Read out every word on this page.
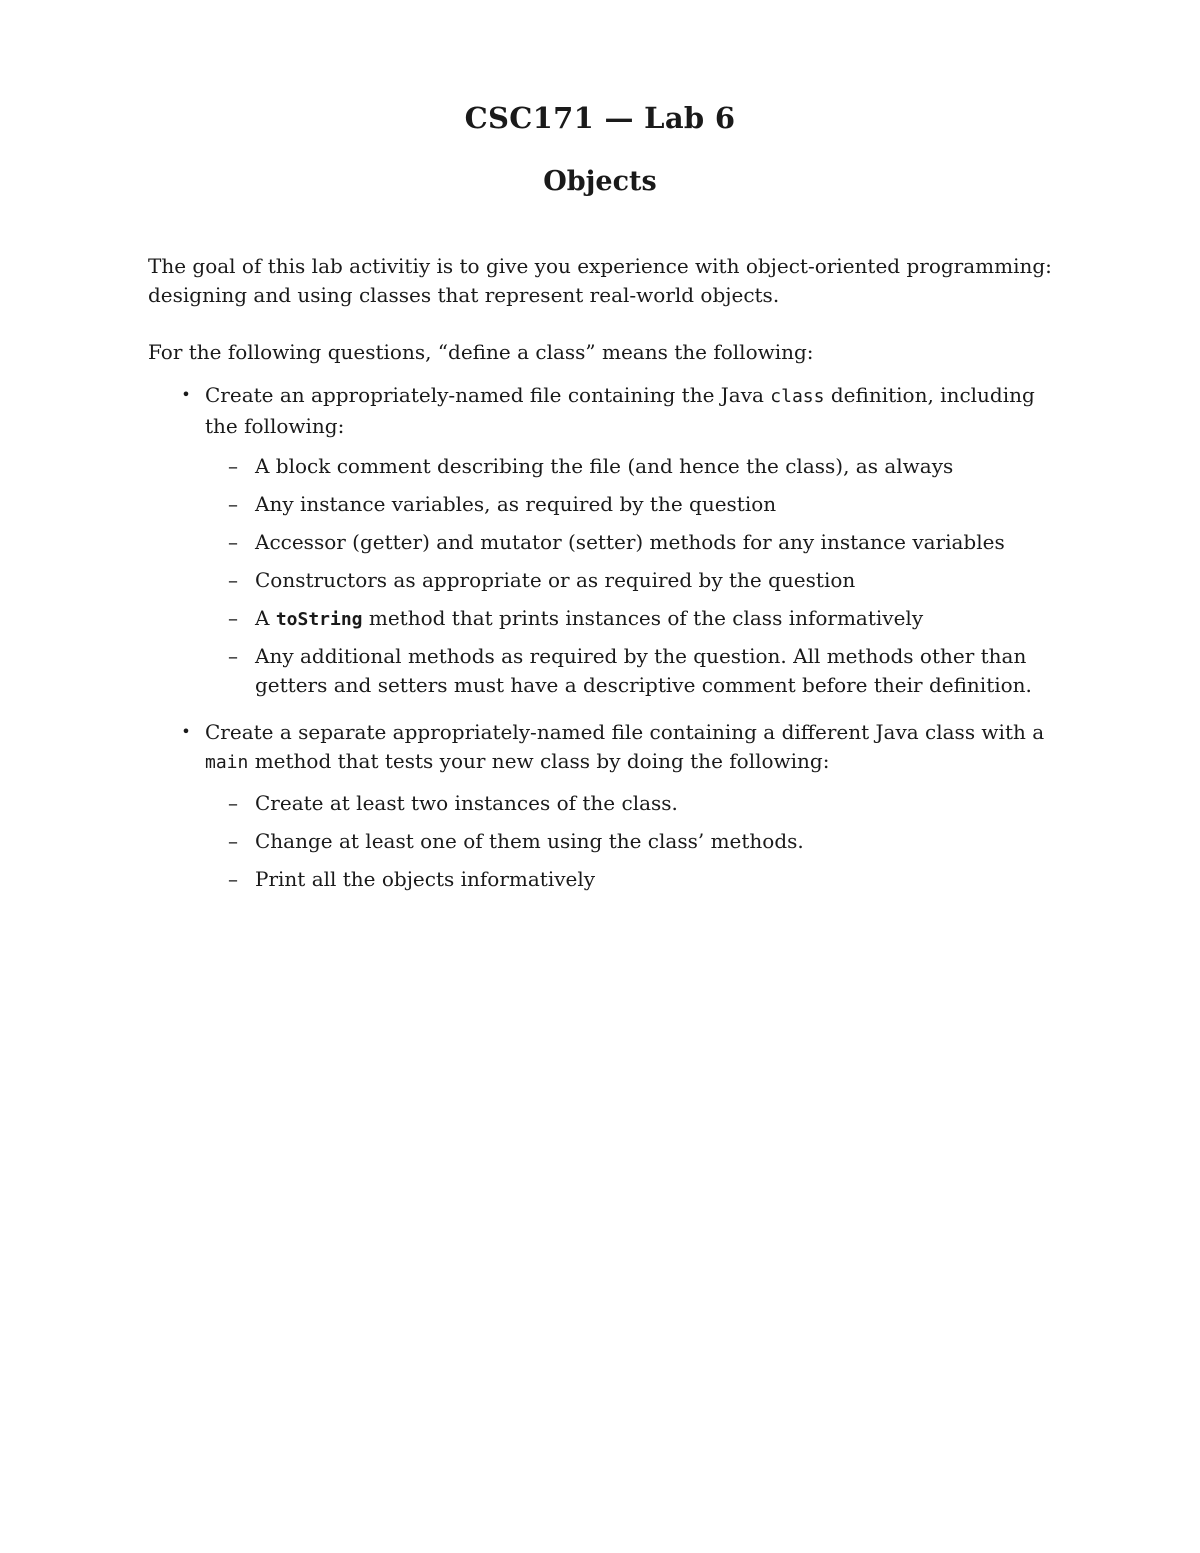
CSC171 — Lab 6
Objects

The goal of this lab activitiy is to give you experience with object-oriented programming: designing and using classes that represent real-world objects.

For the following questions, “define a class” means the following:

• Create an appropriately-named file containing the Java class definition, including the following:

– A block comment describing the file (and hence the class), as always

– Any instance variables, as required by the question

– Accessor (getter) and mutator (setter) methods for any instance variables

– Constructors as appropriate or as required by the question

– A toString method that prints instances of the class informatively

– Any additional methods as required by the question. All methods other than getters and setters must have a descriptive comment before their definition.

• Create a separate appropriately-named file containing a different Java class with a main method that tests your new class by doing the following:

– Create at least two instances of the class.

– Change at least one of them using the class’ methods.

– Print all the objects informatively
